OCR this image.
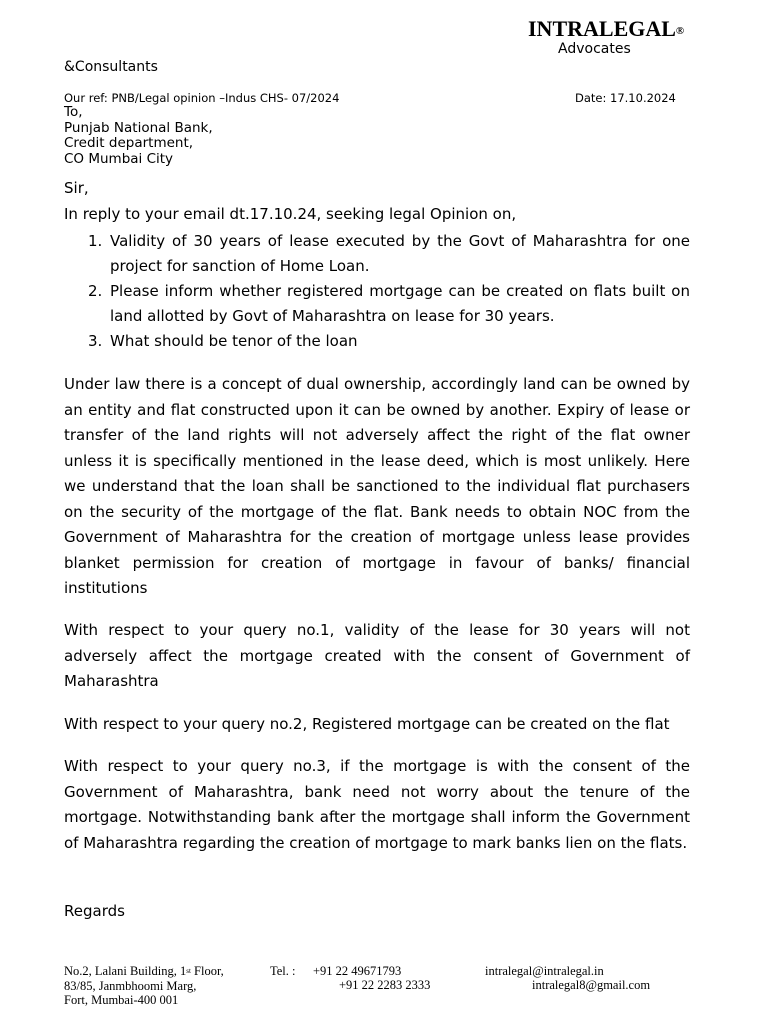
INTRALEGAL®
Advocates
&Consultants
Our ref: PNB/Legal opinion –Indus CHS- 07/2024	Date: 17.10.2024
To,
Punjab National Bank,
Credit department,
CO Mumbai City
Sir,
In reply to your email dt.17.10.24, seeking legal Opinion on,
1. Validity of 30 years of lease executed by the Govt of Maharashtra for one project for sanction of Home Loan.
2. Please inform whether registered mortgage can be created on flats built on land allotted by Govt of Maharashtra on lease for 30 years.
3. What should be tenor of the loan

Under law there is a concept of dual ownership, accordingly land can be owned by an entity and flat constructed upon it can be owned by another. Expiry of lease or transfer of the land rights will not adversely affect the right of the flat owner unless it is specifically mentioned in the lease deed, which is most unlikely. Here we understand that the loan shall be sanctioned to the individual flat purchasers on the security of the mortgage of the flat. Bank needs to obtain NOC from the Government of Maharashtra for the creation of mortgage unless lease provides blanket permission for creation of mortgage in favour of banks/ financial institutions

With respect to your query no.1, validity of the lease for 30 years will not adversely affect the mortgage created with the consent of Government of Maharashtra

With respect to your query no.2, Registered mortgage can be created on the flat

With respect to your query no.3, if the mortgage is with the consent of the Government of Maharashtra, bank need not worry about the tenure of the mortgage. Notwithstanding bank after the mortgage shall inform the Government of Maharashtra regarding the creation of mortgage to mark banks lien on the flats.

Regards
No.2, Lalani Building, 1st Floor,
83/85, Janmbhoomi Marg,
Fort, Mumbai-400 001
Tel. : +91 22 49671793
+91 22 2283 2333
intralegal@intralegal.in
intralegal8@gmail.com
